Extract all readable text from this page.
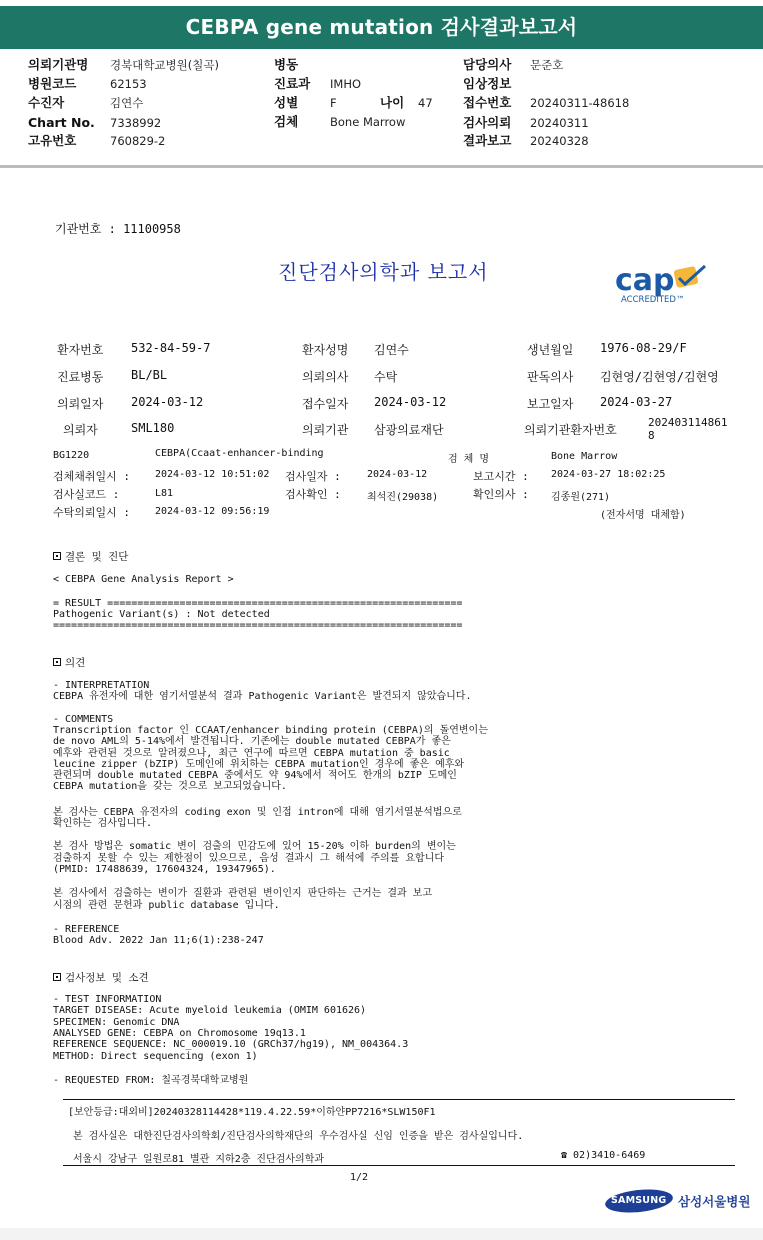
CEBPA gene mutation 검사결과보고서
의뢰기관명 경북대학교병원(칠곡)
병원코드	62153
수진자	김연수
Chart No. 7338992
고유번호	760829-2
병동
진료과 IMHO
성별	F	나이 47
검체	Bone Marrow
담당의사 문준호
임상정보
접수번호 20240311-48618
검사의뢰 20240311
결과보고 20240328
기관번호 : 11100958
진단검사의학과 보고서	cap
ACCREDITED™
환자번호 532-84-59-7	환자성명 김연수	생년월일 1976-08-29/F
진료병동 BL/BL	의뢰의사 수탁	판독의사 김현영/김현영/김현영
의뢰일자 2024-03-12	접수일자 2024-03-12	보고일자 2024-03-27
의뢰자	SML180	의뢰기관 삼광의료재단	의뢰기관환자번호
202403114861
8
BG1220	CEBPA(Ccaat-enhancer-binding
검 체 명	Bone Marrow
검체채취일시 : 2024-03-12 10:51:02 검사일자 :	2024-03-12	보고시간 : 2024-03-27 18:02:25
검사실코드 :	L81	검사확인 :	최석진(29038)	확인의사 : 김종원(271)
수탁의뢰일시 : 2024-03-12 09:56:19	(전자서명 대체함)
결론 및 진단
< CEBPA Gene Analysis Report >
= RESULT ===========================================================
Pathogenic Variant(s) : Not detected
====================================================================
의견
- INTERPRETATION
CEBPA 유전자에 대한 염기서열분석 결과 Pathogenic Variant은 발견되지 않았습니다.
- COMMENTS
Transcription factor 인 CCAAT/enhancer binding protein (CEBPA)의 돌연변이는
de novo AML의 5-14%에서 발견됩니다. 기존에는 double mutated CEBPA가 좋은
예후와 관련된 것으로 알려졌으나, 최근 연구에 따르면 CEBPA mutation 중 basic
leucine zipper (bZIP) 도메인에 위치하는 CEBPA mutation인 경우에 좋은 예후와
관련되며 double mutated CEBPA 중에서도 약 94%에서 적어도 한개의 bZIP 도메인
CEBPA mutation을 갖는 것으로 보고되었습니다.
본 검사는 CEBPA 유전자의 coding exon 및 인접 intron에 대해 염기서열분석법으로
확인하는 검사입니다.
본 검사 방법은 somatic 변이 검출의 민감도에 있어 15-20% 이하 burden의 변이는
검출하지 못할 수 있는 제한점이 있으므로, 음성 결과시 그 해석에 주의를 요합니다
(PMID: 17488639, 17604324, 19347965).
본 검사에서 검출하는 변이가 질환과 관련된 변이인지 판단하는 근거는 결과 보고
시점의 관련 문헌과 public database 입니다.
- REFERENCE
Blood Adv. 2022 Jan 11;6(1):238-247
검사정보 및 소견
- TEST INFORMATION
TARGET DISEASE: Acute myeloid leukemia (OMIM 601626)
SPECIMEN: Genomic DNA
ANALYSED GENE: CEBPA on Chromosome 19q13.1
REFERENCE SEQUENCE: NC_000019.10 (GRCh37/hg19), NM_004364.3
METHOD: Direct sequencing (exon 1)
- REQUESTED FROM: 칠곡경북대학교병원
[보안등급:대외비]20240328114428*119.4.22.59*이하얀PP7216*SLW150F1
본 검사실은 대한진단검사의학회/진단검사의학재단의 우수검사실 신임 인증을 받은 검사실입니다.
서울시 강남구 일원로81 별관 지하2층 진단검사의학과	☎ 02)3410-6469
1/2
SAMSUNG 삼성서울병원
